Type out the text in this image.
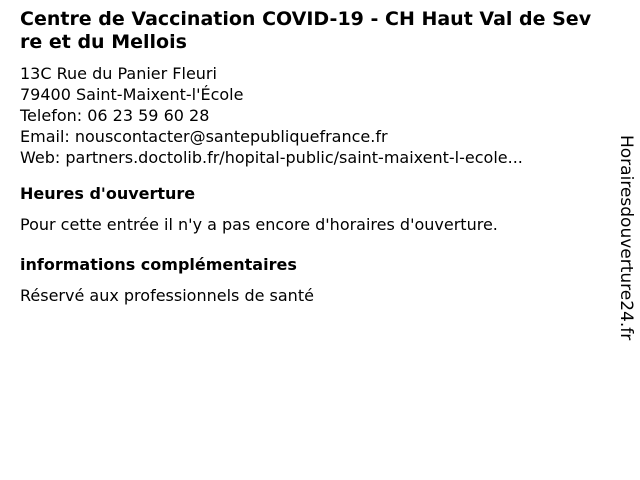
Centre de Vaccination COVID-19 - CH Haut Val de Sevre et du Mellois
13C Rue du Panier Fleuri
79400 Saint-Maixent-l'École
Telefon: 06 23 59 60 28
Email: nouscontacter@santepubliquefrance.fr
Web: partners.doctolib.fr/hopital-public/saint-maixent-l-ecole...
Heures d'ouverture

Pour cette entrée il n'y a pas encore d'horaires d'ouverture.

informations complémentaires

Réservé aux professionnels de santé	Horairesdouverture24.fr
